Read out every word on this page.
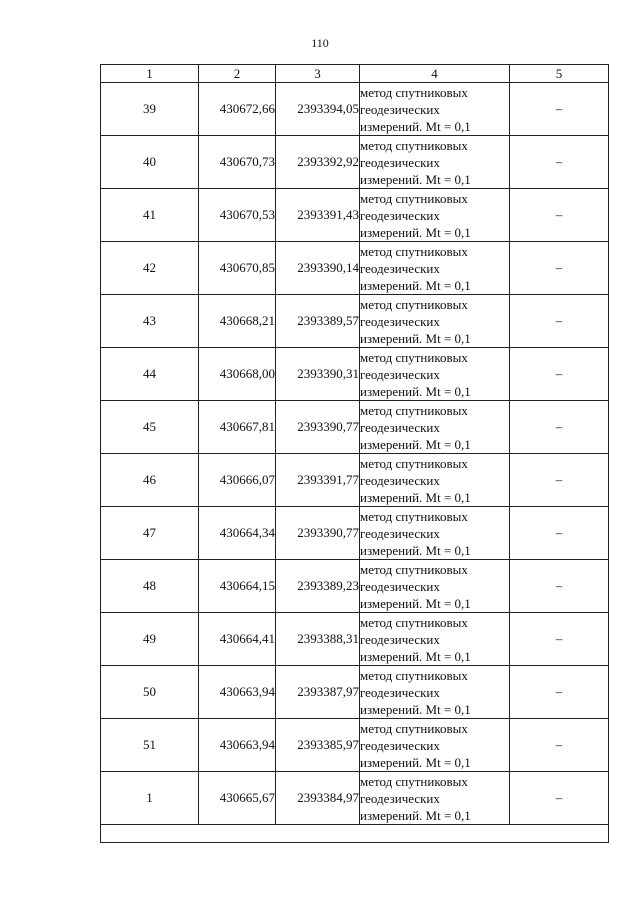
110
1	2	3	4	5
39	430672,66	2393394,05	метод спутниковых
геодезических
измерений. Mt = 0,1	–
40	430670,73	2393392,92	метод спутниковых
геодезических
измерений. Mt = 0,1	–
41	430670,53	2393391,43	метод спутниковых
геодезических
измерений. Mt = 0,1	–
42	430670,85	2393390,14	метод спутниковых
геодезических
измерений. Mt = 0,1	–
43	430668,21	2393389,57	метод спутниковых
геодезических
измерений. Mt = 0,1	–
44	430668,00	2393390,31	метод спутниковых
геодезических
измерений. Mt = 0,1	–
45	430667,81	2393390,77	метод спутниковых
геодезических
измерений. Mt = 0,1	–
46	430666,07	2393391,77	метод спутниковых
геодезических
измерений. Mt = 0,1	–
47	430664,34	2393390,77	метод спутниковых
геодезических
измерений. Mt = 0,1	–
48	430664,15	2393389,23	метод спутниковых
геодезических
измерений. Mt = 0,1	–
49	430664,41	2393388,31	метод спутниковых
геодезических
измерений. Mt = 0,1	–
50	430663,94	2393387,97	метод спутниковых
геодезических
измерений. Mt = 0,1	–
51	430663,94	2393385,97	метод спутниковых
геодезических
измерений. Mt = 0,1	–
1	430665,67	2393384,97	метод спутниковых
геодезических
измерений. Mt = 0,1	–
